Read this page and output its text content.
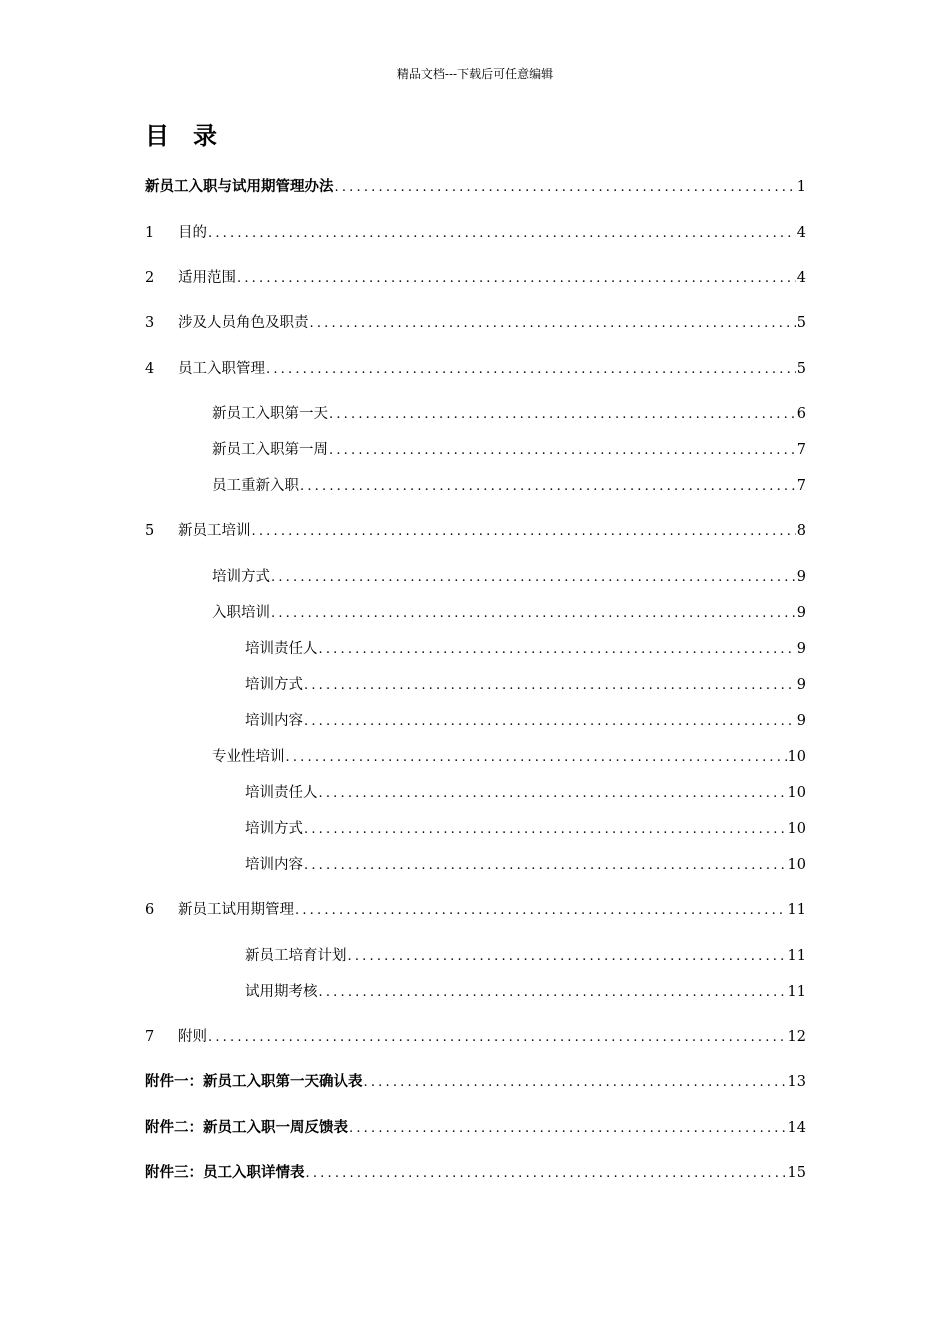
精品文档---下载后可任意编辑
目　录
新员工入职与试用期管理办法 .....	1
1	目的 .....	4
2	适用范围 .....	4
3	涉及人员角色及职责 .....	5
4	员工入职管理 .....	5
新员工入职第一天 .....	6
新员工入职第一周 .....	7
员工重新入职 .....	7
5	新员工培训 .....	8
培训方式 .....	9
入职培训 .....	9
培训责任人 .....	9
培训方式 .....	9
培训内容 .....	9
专业性培训 .....	10
培训责任人 .....	10
培训方式 .....	10
培训内容 .....	10
6	新员工试用期管理 .....	11
新员工培育计划 .....	11
试用期考核 .....	11
7	附则 .....	12
附件一：新员工入职第一天确认表 .....	13
附件二：新员工入职一周反馈表 .....	14
附件三：员工入职详情表 .....	15
